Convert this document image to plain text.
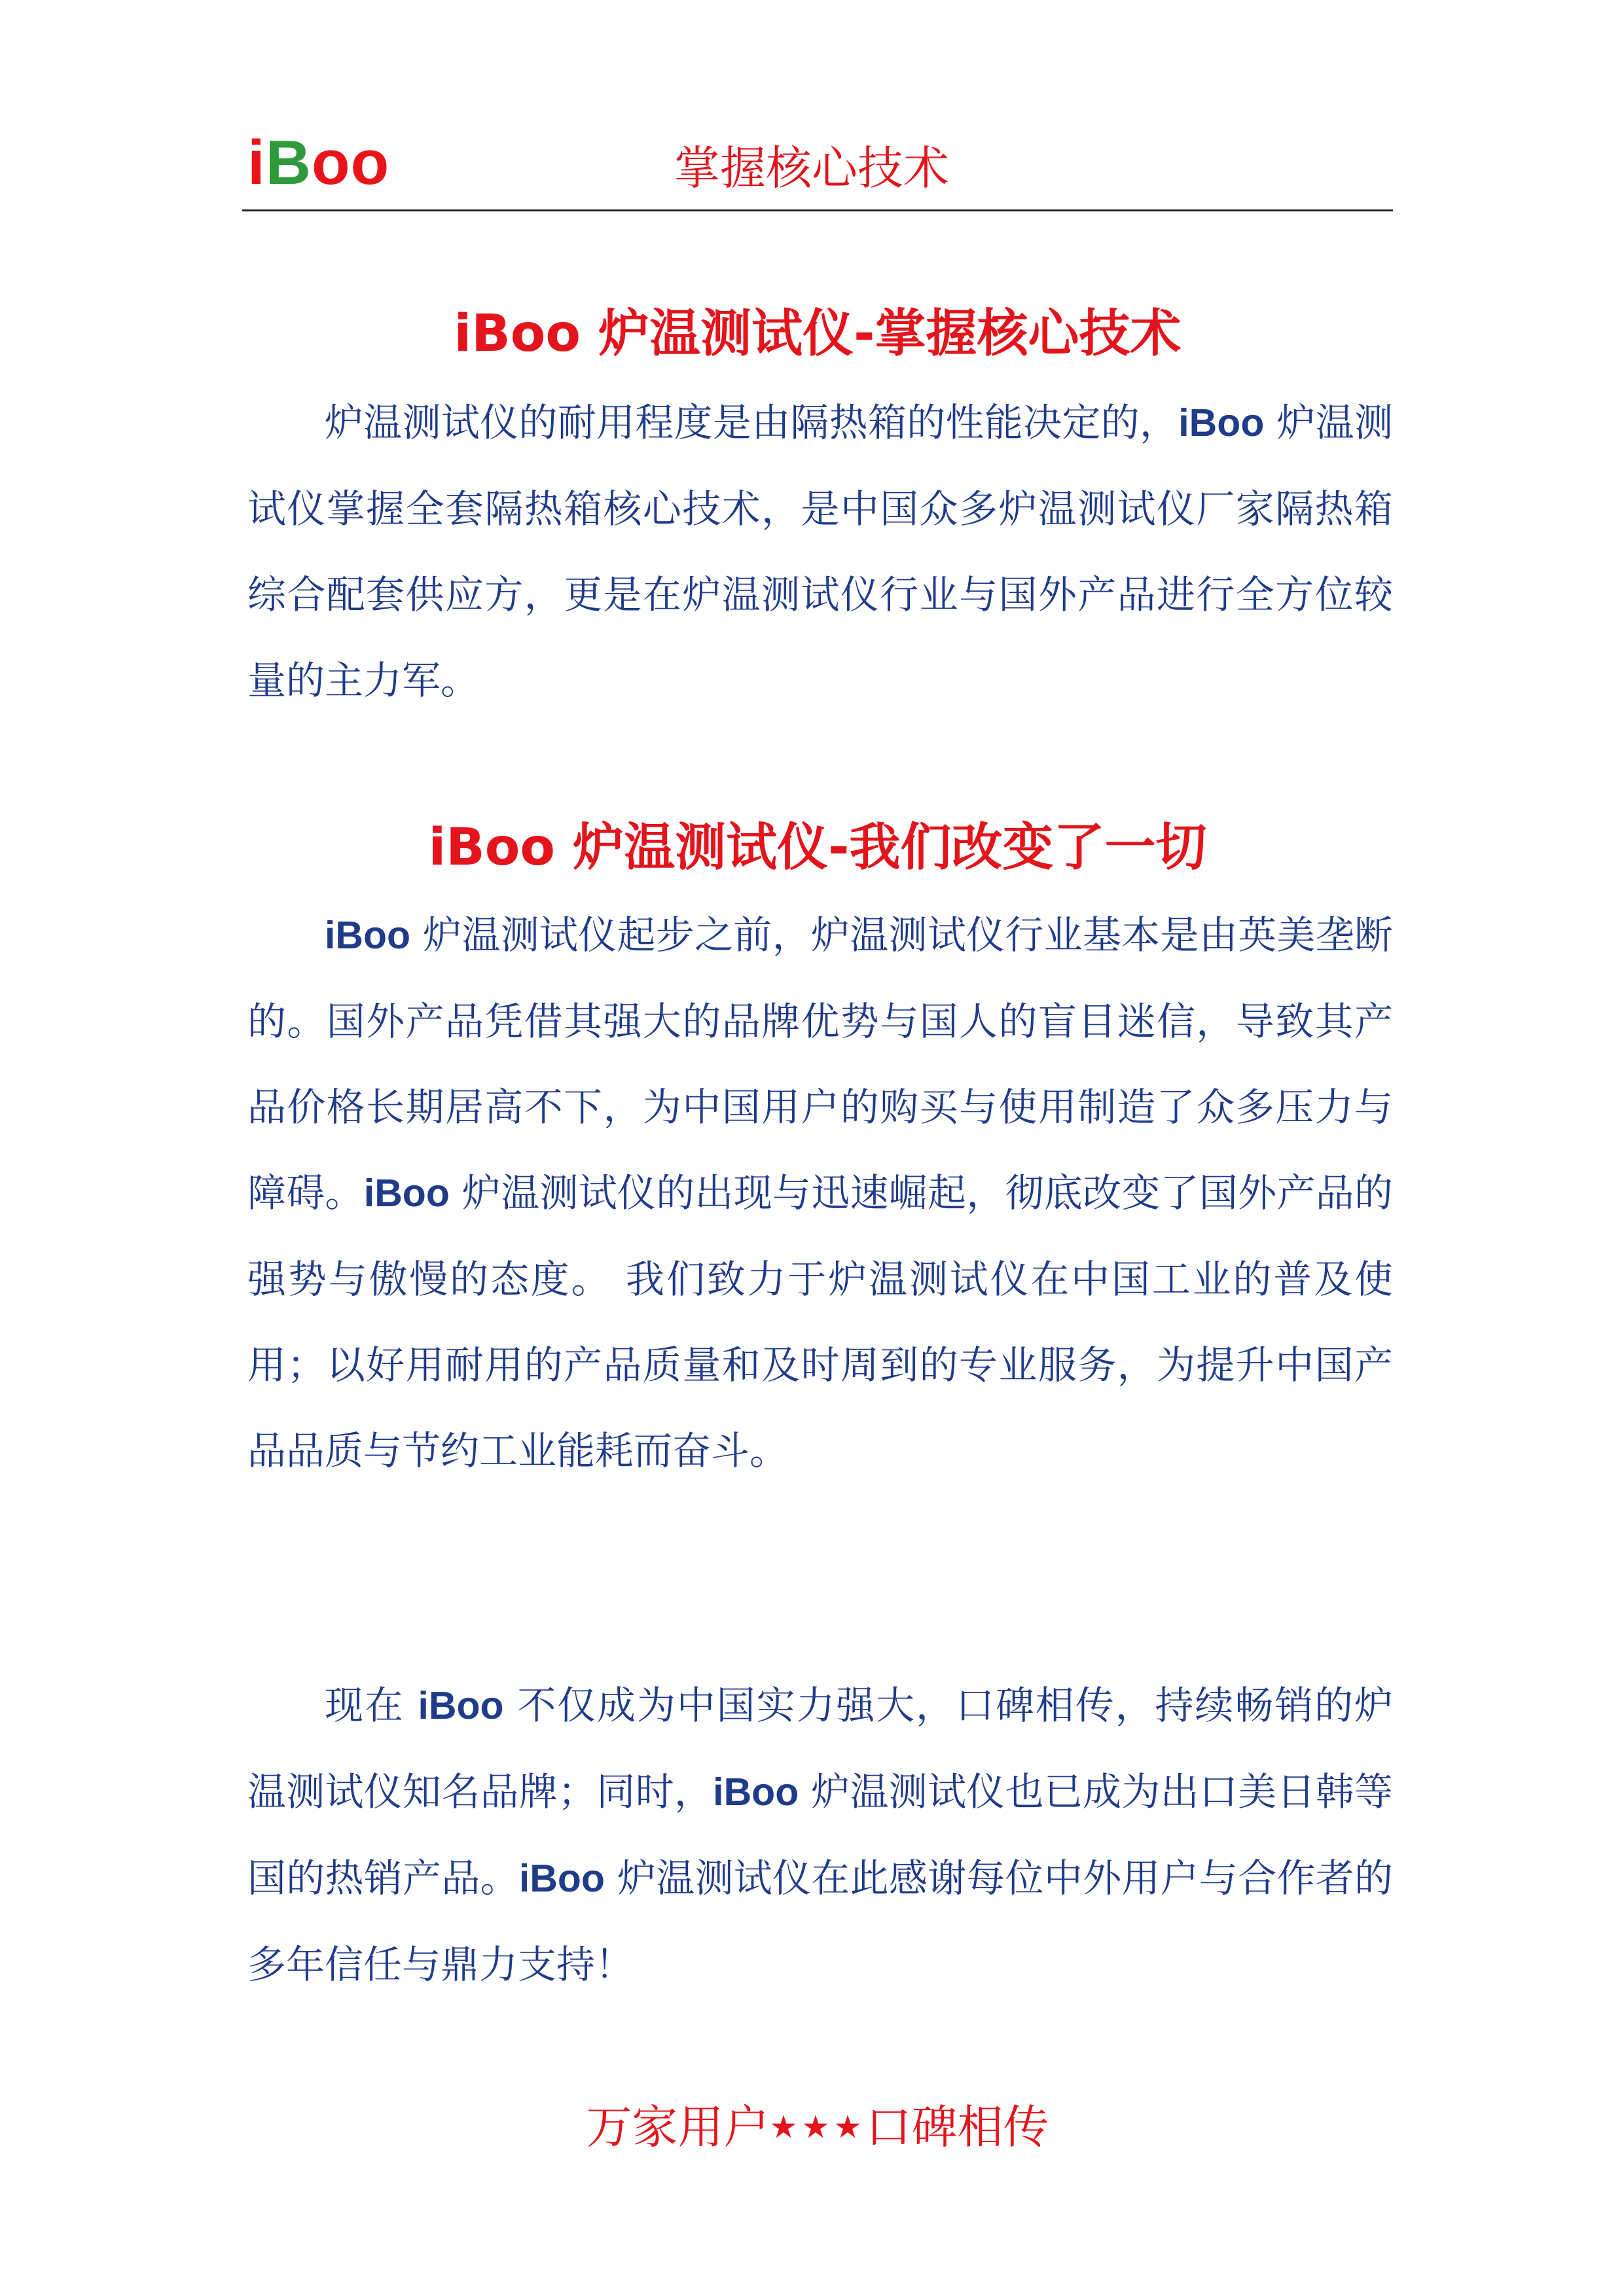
iBoo	掌握核心技术
iBoo 炉温测试仪-掌握核心技术
炉温测试仪的耐用程度是由隔热箱的性能决定的，iBoo 炉温测试仪掌握全套隔热箱核心技术，是中国众多炉温测试仪厂家隔热箱综合配套供应方，更是在炉温测试仪行业与国外产品进行全方位较量的主力军。
iBoo 炉温测试仪-我们改变了一切
iBoo 炉温测试仪起步之前，炉温测试仪行业基本是由英美垄断的。国外产品凭借其强大的品牌优势与国人的盲目迷信，导致其产品价格长期居高不下，为中国用户的购买与使用制造了众多压力与障碍。iBoo 炉温测试仪的出现与迅速崛起，彻底改变了国外产品的强势与傲慢的态度。 我们致力于炉温测试仪在中国工业的普及使用；以好用耐用的产品质量和及时周到的专业服务，为提升中国产品品质与节约工业能耗而奋斗。
现在 iBoo 不仅成为中国实力强大，口碑相传，持续畅销的炉温测试仪知名品牌；同时，iBoo 炉温测试仪也已成为出口美日韩等国的热销产品。iBoo 炉温测试仪在此感谢每位中外用户与合作者的多年信任与鼎力支持！
万家用户★★★口碑相传
